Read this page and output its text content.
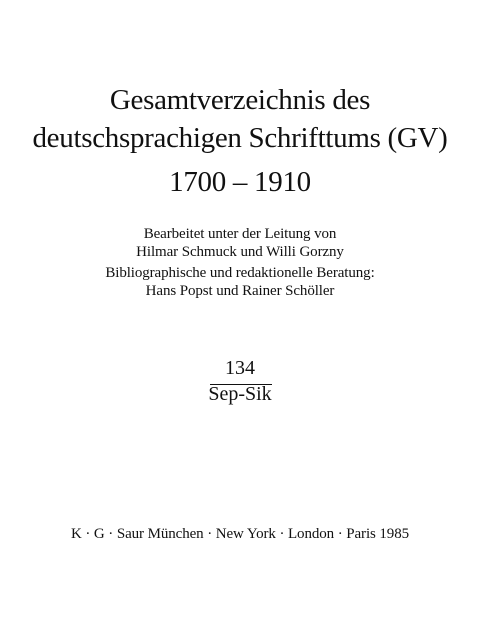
Gesamtverzeichnis des
deutschsprachigen Schrifttums (GV)
1700 – 1910
Bearbeitet unter der Leitung von
Hilmar Schmuck und Willi Gorzny
Bibliographische und redaktionelle Beratung:
Hans Popst und Rainer Schöller
134
Sep-Sik
K · G · Saur München · New York · London · Paris 1985
